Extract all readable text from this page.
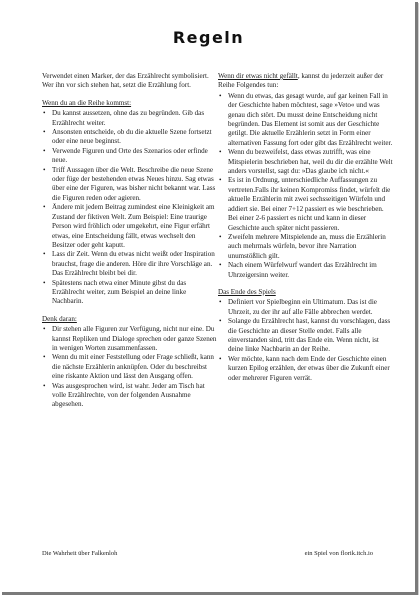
Regeln

Verwendet einen Marker, der das Erzählrecht symbolisiert. Wer ihn vor sich stehen hat, setzt die Erzählung fort.

Wenn du an die Reihe kommst:

• Du kannst aussetzen, ohne das zu begründen. Gib das Erzählrecht weiter.
• Ansonsten entscheide, ob du die aktuelle Szene fortsetzt oder eine neue beginnst.
• Verwende Figuren und Orte des Szenarios oder erfinde neue.
• Triff Aussagen über die Welt. Beschreibe die neue Szene oder füge der bestehenden etwas Neues hinzu. Sag etwas über eine der Figuren, was bisher nicht bekannt war. Lass die Figuren reden oder agieren.
• Ändere mit jedem Beitrag zumindest eine Kleinigkeit am Zustand der fiktiven Welt. Zum Beispiel: Eine traurige Person wird fröhlich oder umgekehrt, eine Figur erfährt etwas, eine Entscheidung fällt, etwas wechselt den Besitzer oder geht kaputt.
• Lass dir Zeit. Wenn du etwas nicht weißt oder Inspiration brauchst, frage die anderen. Höre dir ihre Vorschläge an. Das Erzählrecht bleibt bei dir.
• Spätestens nach etwa einer Minute gibst du das Erzählrecht weiter, zum Beispiel an deine linke Nachbarin.

Denk daran:

• Dir stehen alle Figuren zur Verfügung, nicht nur eine. Du kannst Repliken und Dialoge sprechen oder ganze Szenen in wenigen Worten zusammenfassen.
• Wenn du mit einer Feststellung oder Frage schließt, kann die nächste Erzählerin anknüpfen. Oder du beschreibst eine riskante Aktion und lässt den Ausgang offen.
• Was ausgesprochen wird, ist wahr. Jeder am Tisch hat volle Erzählrechte, von der folgenden Ausnahme abgesehen.

Wenn dir etwas nicht gefällt, kannst du jederzeit außer der Reihe Folgendes tun:

• Wenn du etwas, das gesagt wurde, auf gar keinen Fall in der Geschichte haben möchtest, sage »Veto« und was genau dich stört. Du musst deine Entscheidung nicht begründen. Das Element ist somit aus der Geschichte getilgt. Die aktuelle Erzählerin setzt in Form einer alternativen Fassung fort oder gibt das Erzählrecht weiter.
• Wenn du bezweifelst, dass etwas zutrifft, was eine Mitspielerin beschrieben hat, weil du dir die erzählte Welt anders vorstellst, sagt du: »Das glaube ich nicht.«
• Es ist in Ordnung, unterschiedliche Auffassungen zu vertreten.Falls ihr keinen Kompromiss findet, würfelt die aktuelle Erzählerin mit zwei sechsseitigen Würfeln und addiert sie. Bei einer 7+12 passiert es wie beschrieben. Bei einer 2-6 passiert es nicht und kann in dieser Geschichte auch später nicht passieren.
• Zweifeln mehrere Mitspielende an, muss die Erzählerin auch mehrmals würfeln, bevor ihre Narration unumstößlich gilt.
• Nach einem Würfelwurf wandert das Erzählrecht im Uhrzeigersinn weiter.

Das Ende des Spiels

• Definiert vor Spielbeginn ein Ultimatum. Das ist die Uhrzeit, zu der ihr auf alle Fälle abbrechen werdet.
• Solange du Erzählrecht hast, kannst du vorschlagen, dass die Geschichte an dieser Stelle endet. Falls alle einverstanden sind, tritt das Ende ein. Wenn nicht, ist deine linke Nachbarin an der Reihe.
• Wer möchte, kann nach dem Ende der Geschichte einen kurzen Epilog erzählen, der etwas über die Zukunft einer oder mehrerer Figuren verrät.
Die Wahrheit über Falkenloh	ein Spiel von florik.itch.io
